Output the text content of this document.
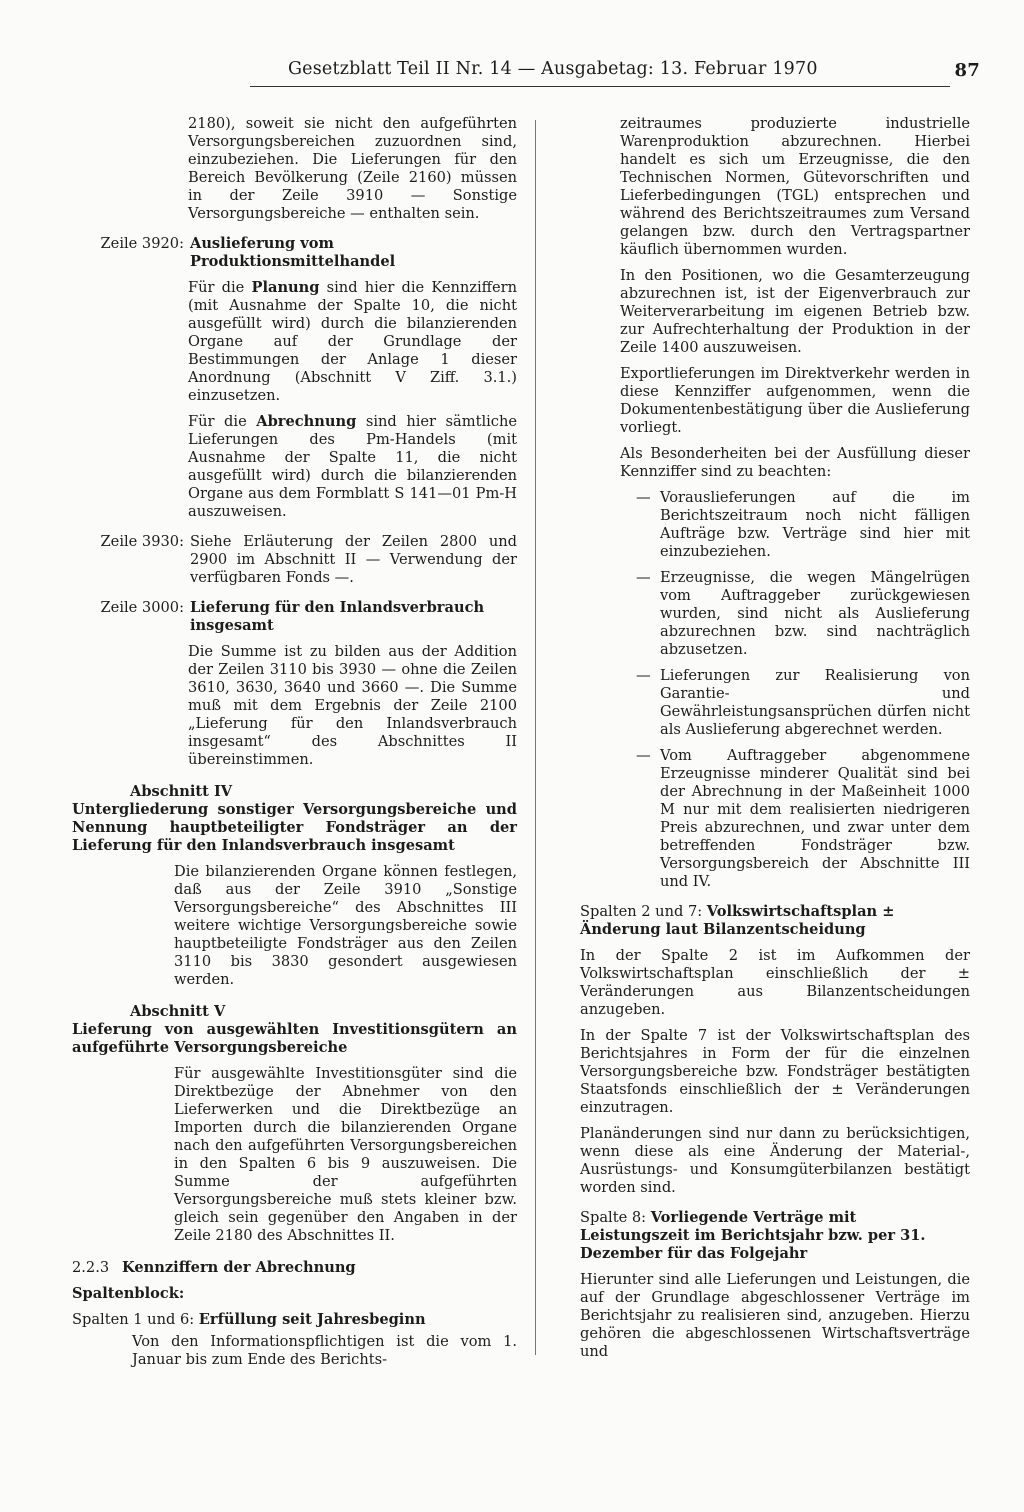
Gesetzblatt Teil II Nr. 14 — Ausgabetag: 13. Februar 1970	87

2180), soweit sie nicht den aufgeführten Versorgungsbereichen zuzuordnen sind, einzubeziehen. Die Lieferungen für den Bereich Bevölkerung (Zeile 2160) müssen in der Zeile 3910 — Sonstige Versorgungsbereiche — enthalten sein.

Zeile 3920: Auslieferung vom Produktionsmittelhandel

Für die Planung sind hier die Kennziffern (mit Ausnahme der Spalte 10, die nicht ausgefüllt wird) durch die bilanzierenden Organe auf der Grundlage der Bestimmungen der Anlage 1 dieser Anordnung (Abschnitt V Ziff. 3.1.) einzusetzen.

Für die Abrechnung sind hier sämtliche Lieferungen des Pm-Handels (mit Ausnahme der Spalte 11, die nicht ausgefüllt wird) durch die bilanzierenden Organe aus dem Formblatt S 141—01 Pm-H auszuweisen.

Zeile 3930: Siehe Erläuterung der Zeilen 2800 und 2900 im Abschnitt II — Verwendung der verfügbaren Fonds —.
Zeile 3000: Lieferung für den Inlandsverbrauch insgesamt

Die Summe ist zu bilden aus der Addition der Zeilen 3110 bis 3930 — ohne die Zeilen 3610, 3630, 3640 und 3660 —. Die Summe muß mit dem Ergebnis der Zeile 2100 „Lieferung für den Inlandsverbrauch insgesamt“ des Abschnittes II übereinstimmen.

Abschnitt IV

Untergliederung sonstiger Versorgungsbereiche und Nennung hauptbeteiligter Fondsträger an der Lieferung für den Inlandsverbrauch insgesamt

Die bilanzierenden Organe können festlegen, daß aus der Zeile 3910 „Sonstige Versorgungsbereiche“ des Abschnittes III weitere wichtige Versorgungsbereiche sowie hauptbeteiligte Fondsträger aus den Zeilen 3110 bis 3830 gesondert ausgewiesen werden.

Abschnitt V

Lieferung von ausgewählten Investitionsgütern an aufgeführte Versorgungsbereiche

Für ausgewählte Investitionsgüter sind die Direktbezüge der Abnehmer von den Lieferwerken und die Direktbezüge an Importen durch die bilanzierenden Organe nach den aufgeführten Versorgungsbereichen in den Spalten 6 bis 9 auszuweisen. Die Summe der aufgeführten Versorgungsbereiche muß stets kleiner bzw. gleich sein gegenüber den Angaben in der Zeile 2180 des Abschnittes II.

2.2.3 Kennziffern der Abrechnung

Spaltenblock:

Spalten 1 und 6: Erfüllung seit Jahresbeginn

Von den Informationspflichtigen ist die vom 1. Januar bis zum Ende des Berichts-

zeitraumes produzierte industrielle Warenproduktion abzurechnen. Hierbei handelt es sich um Erzeugnisse, die den Technischen Normen, Gütevorschriften und Lieferbedingungen (TGL) entsprechen und während des Berichtszeitraumes zum Versand gelangen bzw. durch den Vertragspartner käuflich übernommen wurden.

In den Positionen, wo die Gesamterzeugung abzurechnen ist, ist der Eigenverbrauch zur Weiterverarbeitung im eigenen Betrieb bzw. zur Aufrechterhaltung der Produktion in der Zeile 1400 auszuweisen.

Exportlieferungen im Direktverkehr werden in diese Kennziffer aufgenommen, wenn die Dokumentenbestätigung über die Auslieferung vorliegt.

Als Besonderheiten bei der Ausfüllung dieser Kennziffer sind zu beachten:

— Vorauslieferungen auf die im Berichtszeitraum noch nicht fälligen Aufträge bzw. Verträge sind hier mit einzubeziehen.
— Erzeugnisse, die wegen Mängelrügen vom Auftraggeber zurückgewiesen wurden, sind nicht als Auslieferung abzurechnen bzw. sind nachträglich abzusetzen.
— Lieferungen zur Realisierung von Garantie- und Gewährleistungsansprüchen dürfen nicht als Auslieferung abgerechnet werden.
— Vom Auftraggeber abgenommene Erzeugnisse minderer Qualität sind bei der Abrechnung in der Maßeinheit 1000 M nur mit dem realisierten niedrigeren Preis abzurechnen, und zwar unter dem betreffenden Fondsträger bzw. Versorgungsbereich der Abschnitte III und IV.
Spalten 2 und 7: Volkswirtschaftsplan ± Änderung laut Bilanzentscheidung

In der Spalte 2 ist im Aufkommen der Volkswirtschaftsplan einschließlich der ± Veränderungen aus Bilanzentscheidungen anzugeben.

In der Spalte 7 ist der Volkswirtschaftsplan des Berichtsjahres in Form der für die einzelnen Versorgungsbereiche bzw. Fondsträger bestätigten Staatsfonds einschließlich der ± Veränderungen einzutragen.

Planänderungen sind nur dann zu berücksichtigen, wenn diese als eine Änderung der Material-, Ausrüstungs- und Konsumgüterbilanzen bestätigt worden sind.

Spalte 8: Vorliegende Verträge mit Leistungszeit im Berichtsjahr bzw. per 31. Dezember für das Folgejahr

Hierunter sind alle Lieferungen und Leistungen, die auf der Grundlage abgeschlossener Verträge im Berichtsjahr zu realisieren sind, anzugeben. Hierzu gehören die abgeschlossenen Wirtschaftsverträge und
